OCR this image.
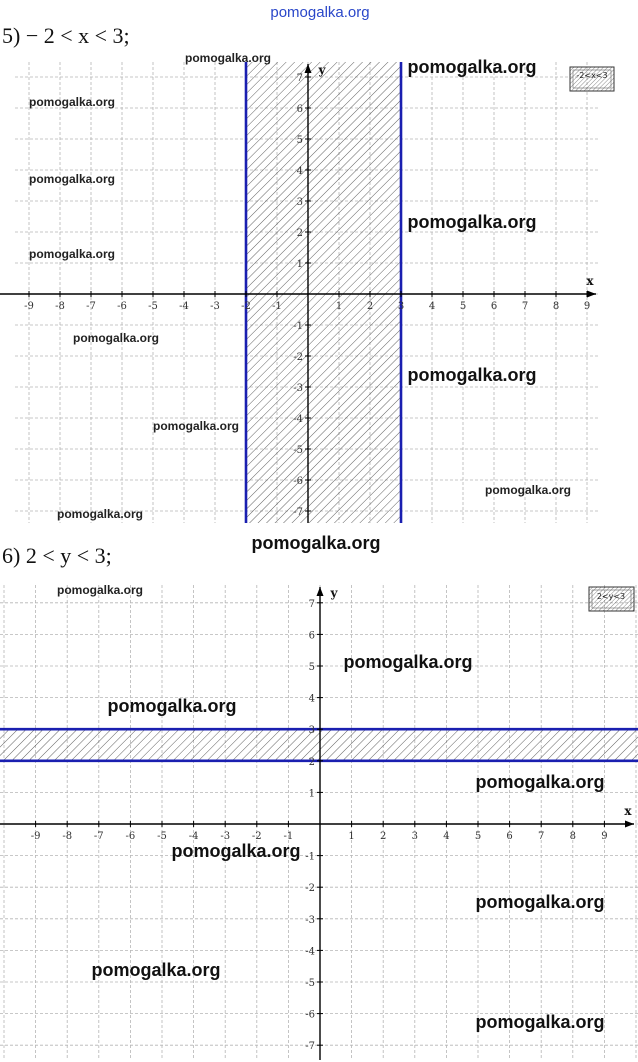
pomogalka.org
x
y
-9 -8 -7 -6 -5 -4 -3 -2 -1	1 2 3 4 5 6 7 8 9
-7
-6
-5
-4
-3
-2
-1
1
2
3
4
5
6
7
x
y
-9 -8 -7 -6 -5 -4 -3 -2 -1	1	2	3	4	5	6	7	8	9
-7
-6
-5
-4
-3
-2
-1
1
2
3
4
5
6
7
5) − 2 < x < 3;
6) 2 < y < 3;
-2<x<3
2<y<3
pomogalka.org	pomogalka.org
pomogalka.org
pomogalka.org
pomogalka.org
pomogalka.org
pomogalka.org
pomogalka.org
pomogalka.org
pomogalka.org
pomogalka.org
pomogalka.org
pomogalka.org
pomogalka.org
pomogalka.org
pomogalka.org
pomogalka.org
pomogalka.org
pomogalka.org
pomogalka.org
